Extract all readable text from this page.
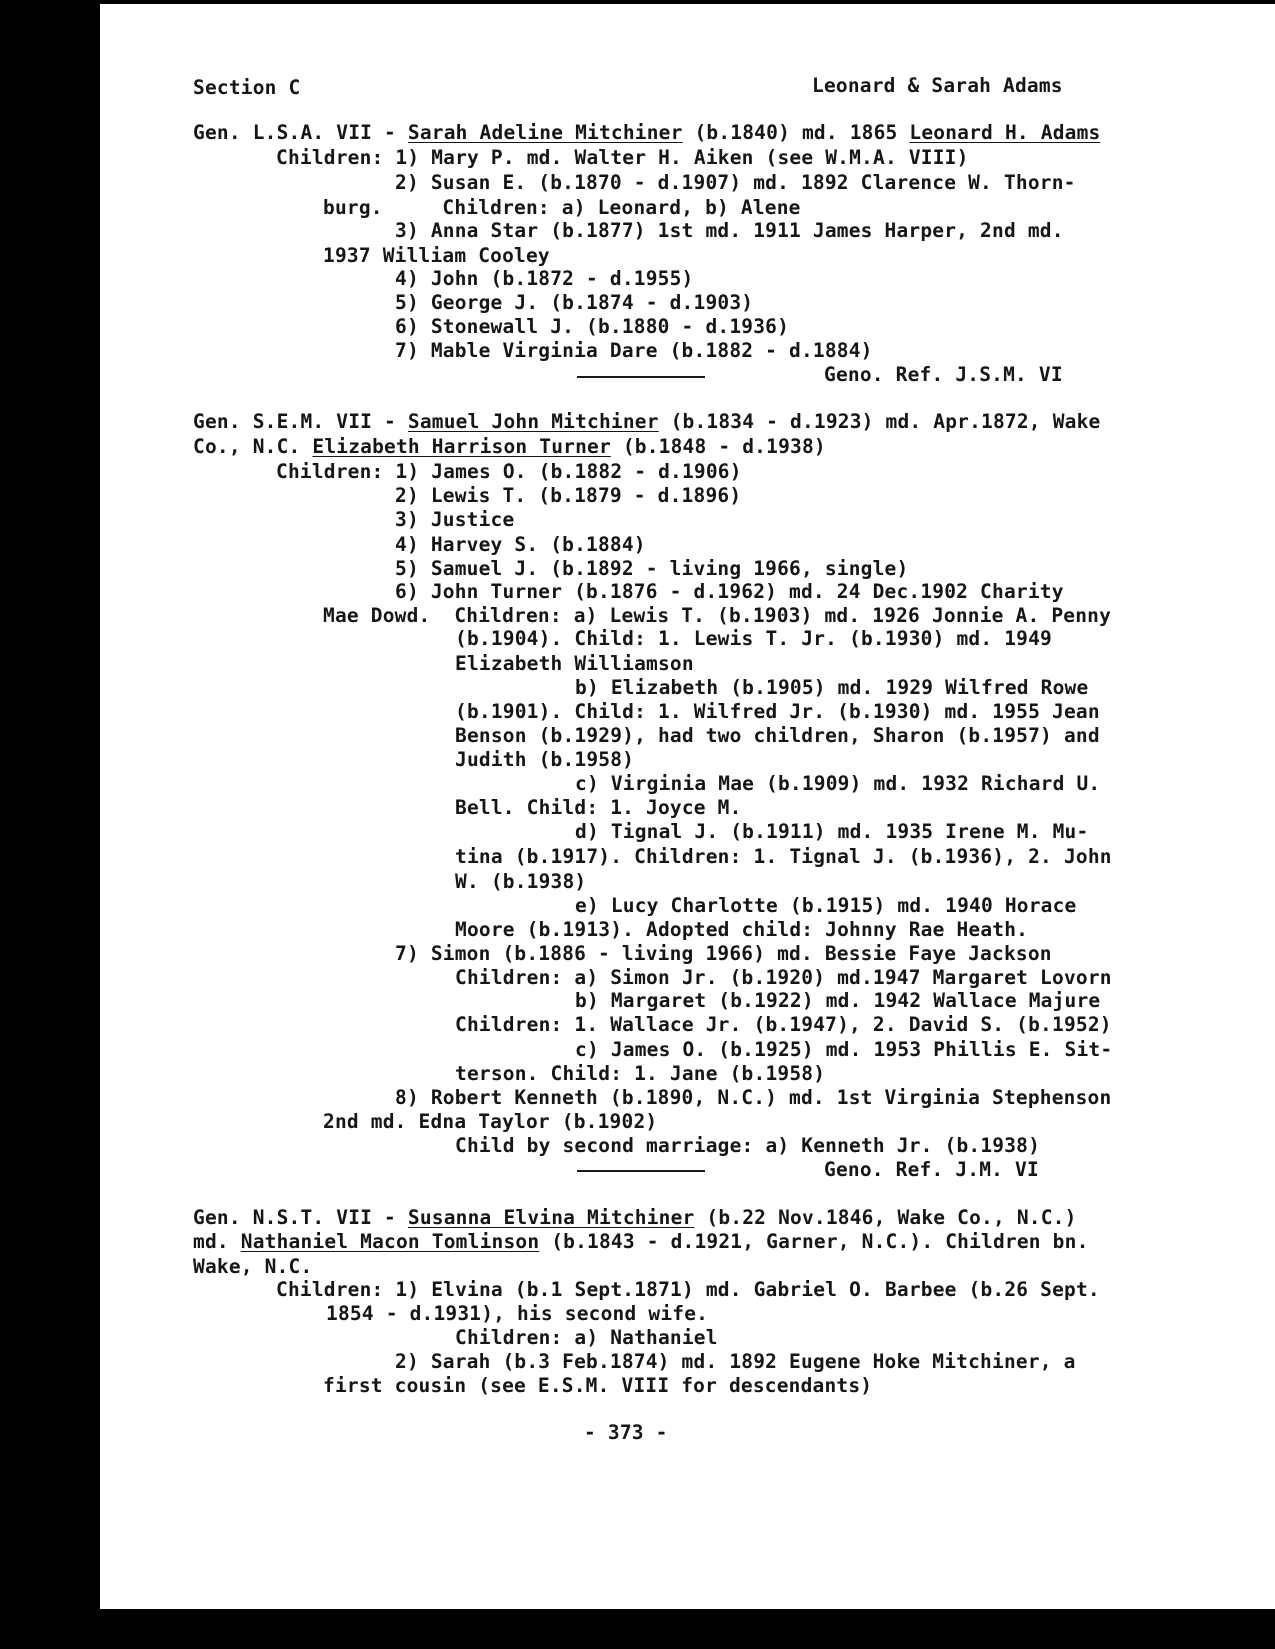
Section C	Leonard & Sarah Adams
Gen. L.S.A. VII - Sarah Adeline Mitchiner (b.1840) md. 1865 Leonard H. Adams
Children: 1) Mary P. md. Walter H. Aiken (see W.M.A. VIII)
2) Susan E. (b.1870 - d.1907) md. 1892 Clarence W. Thorn-
burg.     Children: a) Leonard, b) Alene
3) Anna Star (b.1877) 1st md. 1911 James Harper, 2nd md.
1937 William Cooley
4) John (b.1872 - d.1955)
5) George J. (b.1874 - d.1903)
6) Stonewall J. (b.1880 - d.1936)
7) Mable Virginia Dare (b.1882 - d.1884)
Geno. Ref. J.S.M. VI
Gen. S.E.M. VII - Samuel John Mitchiner (b.1834 - d.1923) md. Apr.1872, Wake
Co., N.C. Elizabeth Harrison Turner (b.1848 - d.1938)
Children: 1) James O. (b.1882 - d.1906)
2) Lewis T. (b.1879 - d.1896)
3) Justice
4) Harvey S. (b.1884)
5) Samuel J. (b.1892 - living 1966, single)
6) John Turner (b.1876 - d.1962) md. 24 Dec.1902 Charity
Mae Dowd.  Children: a) Lewis T. (b.1903) md. 1926 Jonnie A. Penny
(b.1904). Child: 1. Lewis T. Jr. (b.1930) md. 1949
Elizabeth Williamson
b) Elizabeth (b.1905) md. 1929 Wilfred Rowe
(b.1901). Child: 1. Wilfred Jr. (b.1930) md. 1955 Jean
Benson (b.1929), had two children, Sharon (b.1957) and
Judith (b.1958)
c) Virginia Mae (b.1909) md. 1932 Richard U.
Bell. Child: 1. Joyce M.
d) Tignal J. (b.1911) md. 1935 Irene M. Mu-
tina (b.1917). Children: 1. Tignal J. (b.1936), 2. John
W. (b.1938)
e) Lucy Charlotte (b.1915) md. 1940 Horace
Moore (b.1913). Adopted child: Johnny Rae Heath.
7) Simon (b.1886 - living 1966) md. Bessie Faye Jackson
Children: a) Simon Jr. (b.1920) md.1947 Margaret Lovorn
b) Margaret (b.1922) md. 1942 Wallace Majure
Children: 1. Wallace Jr. (b.1947), 2. David S. (b.1952)
c) James O. (b.1925) md. 1953 Phillis E. Sit-
terson. Child: 1. Jane (b.1958)
8) Robert Kenneth (b.1890, N.C.) md. 1st Virginia Stephenson
2nd md. Edna Taylor (b.1902)
Child by second marriage: a) Kenneth Jr. (b.1938)
Geno. Ref. J.M. VI
Gen. N.S.T. VII - Susanna Elvina Mitchiner (b.22 Nov.1846, Wake Co., N.C.)
md. Nathaniel Macon Tomlinson (b.1843 - d.1921, Garner, N.C.). Children bn.
Wake, N.C.
Children: 1) Elvina (b.1 Sept.1871) md. Gabriel O. Barbee (b.26 Sept.
1854 - d.1931), his second wife.
Children: a) Nathaniel
2) Sarah (b.3 Feb.1874) md. 1892 Eugene Hoke Mitchiner, a
first cousin (see E.S.M. VIII for descendants)
- 373 -
